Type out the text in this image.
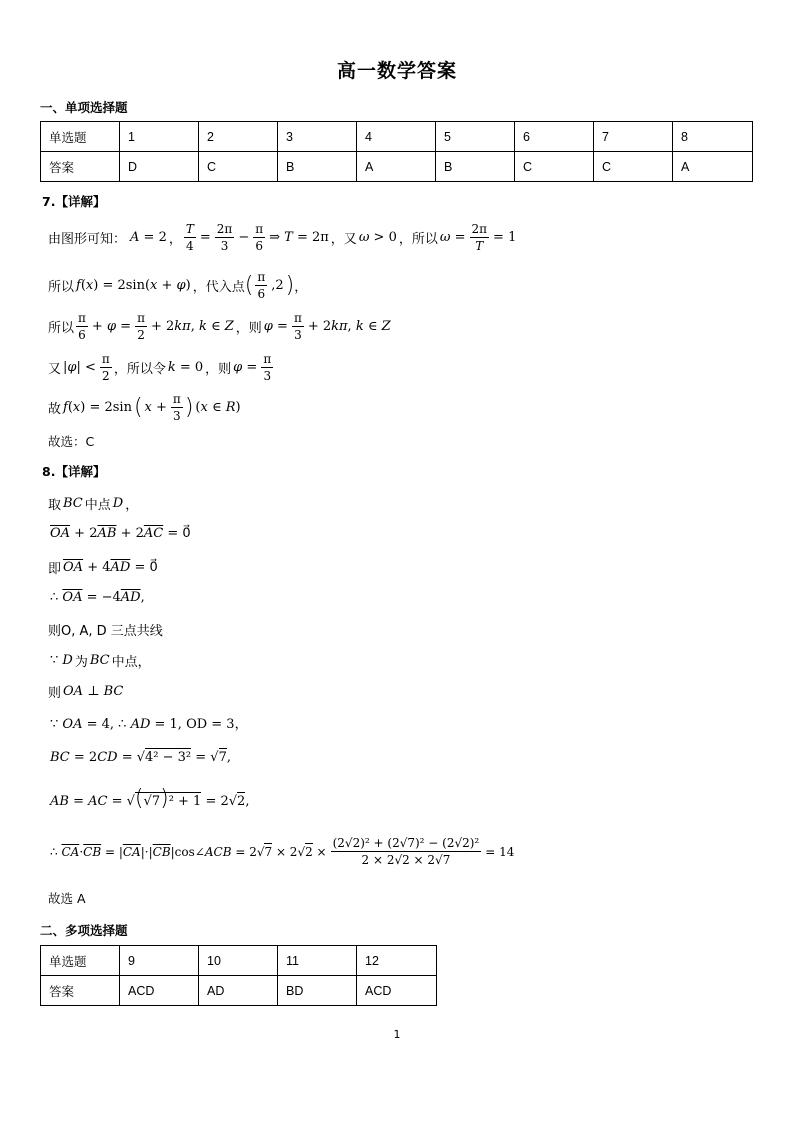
高一数学答案
一、单项选择题
单选题	1	2	3	4	5	6	7	8
答案	D	C	B	A	B	C	C	A
7.【详解】
由图形可知： A = 2 ， $\frac{T}{4} = \frac{2\pi}{3} - \frac{\pi}{6}$ ⇒ T = 2π ，又 ω > 0 ，所以 $\omega = \frac{2\pi}{T} = 1$
所以 f(x) = 2sin(x + φ) ，代入点 ( $\frac{\pi}{6} ,2$ ) ，
所以 $\frac{\pi}{6} + \varphi = \frac{\pi}{2} + 2k\pi$, k ∈ Z ，则 $\varphi = \frac{\pi}{3} + 2k\pi$, k ∈ Z
又 $|\varphi| < \frac{\pi}{2}$ ，所以令 k = 0 ，则 $\varphi = \frac{\pi}{3}$
故 f(x) = 2sin ( $x + \frac{\pi}{3}$ ) (x ∈ R)
故选：C
8.【详解】
取 BC 中点 D ，
$\overline{OA} + 2\overline{AB} + 2\overline{AC}$ = 0⃗
即 $\overline{OA} + 4\overline{AD}$ = 0⃗
∴ $\overline{OA} = -4\overline{AD}$,
则O, A, D 三点共线
∵ D 为 BC 中点，
则 OA ⊥ BC
∵ OA = 4, ∴ AD = 1, OD = 3，
BC = 2CD = √4² − 3² = √7,
AB = AC = √(√7)² + 1 = 2√2,
∴ $\overline{CA}\cdot\overline{CB}$ = $|\overline{CA}|\cdot|\overline{CB}|\cos\angle ACB = 2√7 \times 2√2 \times \frac{\text{(2√2)² + (2√7)² − (2√2)²}}{2 \times 2√2 \times 2√7} = 14$
故选 A
二、多项选择题
单选题	9	10	11	12
答案	ACD	AD	BD	ACD
1
